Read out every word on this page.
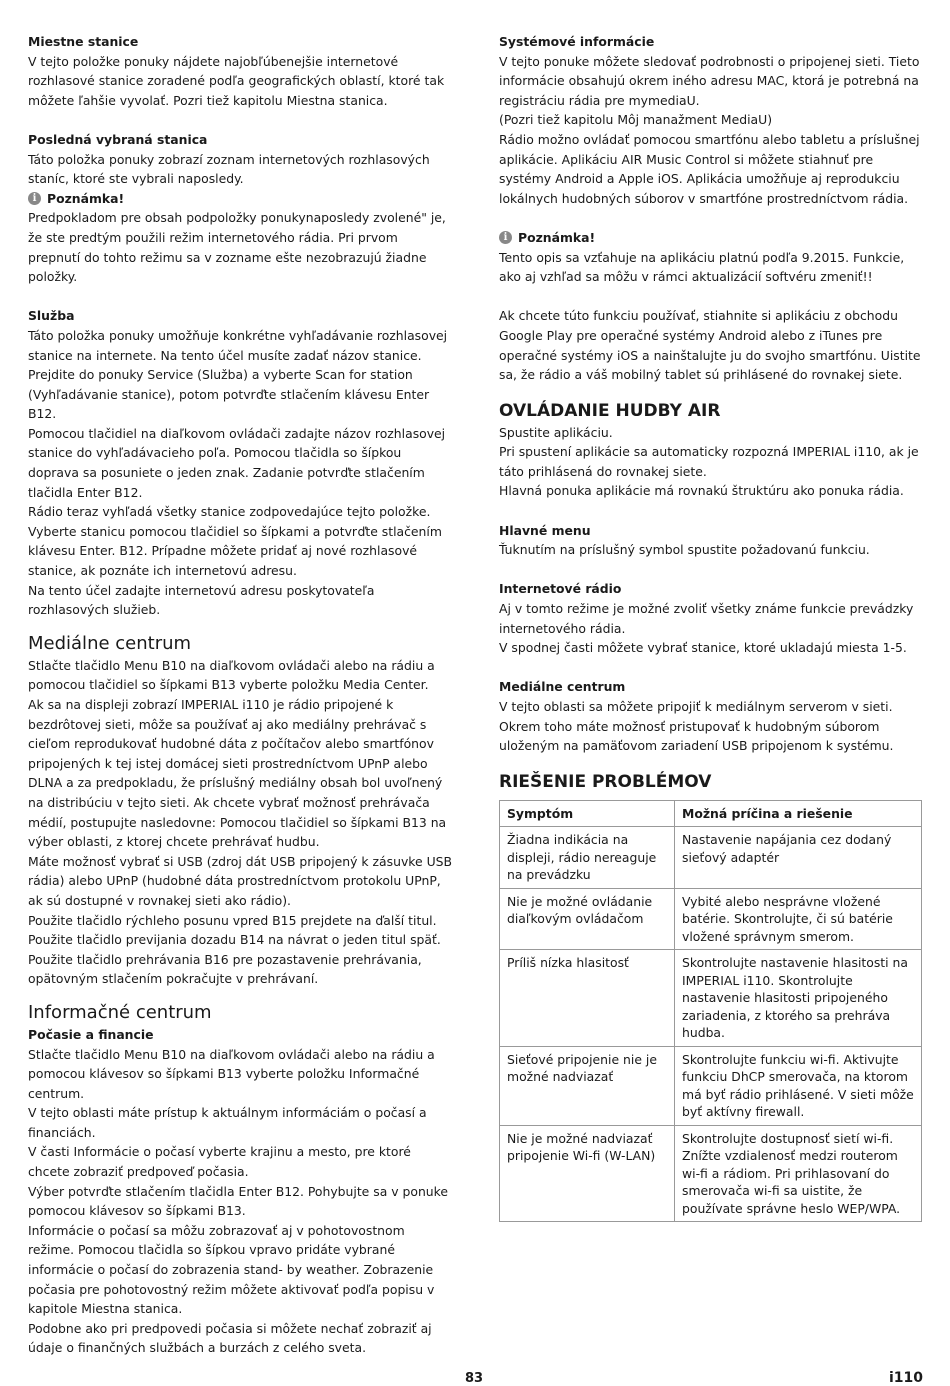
Miestne stanice

V tejto položke ponuky nájdete najobľúbenejšie internetové rozhlasové stanice zoradené podľa geografických oblastí, ktoré tak môžete ľahšie vyvolať. Pozri tiež kapitolu Miestna stanica.

Posledná vybraná stanica

Táto položka ponuky zobrazí zoznam internetových rozhlasových staníc, ktoré ste vybrali naposledy.

i Poznámka!

Predpokladom pre obsah podpoložky ponukynaposledy zvolené" je, že ste predtým použili režim internetového rádia. Pri prvom prepnutí do tohto režimu sa v zozname ešte nezobrazujú žiadne položky.

Služba

Táto položka ponuky umožňuje konkrétne vyhľadávanie rozhlasovej stanice na internete. Na tento účel musíte zadať názov stanice.

Prejdite do ponuky Service (Služba) a vyberte Scan for station (Vyhľadávanie stanice), potom potvrďte stlačením klávesu Enter B12.

Pomocou tlačidiel na diaľkovom ovládači zadajte názov rozhlasovej stanice do vyhľadávacieho poľa. Pomocou tlačidla so šípkou doprava sa posuniete o jeden znak. Zadanie potvrďte stlačením tlačidla Enter B12.

Rádio teraz vyhľadá všetky stanice zodpovedajúce tejto položke. Vyberte stanicu pomocou tlačidiel so šípkami a potvrďte stlačením klávesu Enter. B12. Prípadne môžete pridať aj nové rozhlasové stanice, ak poznáte ich internetovú adresu.

Na tento účel zadajte internetovú adresu poskytovateľa rozhlasových služieb.

Mediálne centrum

Stlačte tlačidlo Menu B10 na diaľkovom ovládači alebo na rádiu a pomocou tlačidiel so šípkami B13 vyberte položku Media Center.

Ak sa na displeji zobrazí IMPERIAL i110 je rádio pripojené k bezdrôtovej sieti, môže sa používať aj ako mediálny prehrávač s cieľom reprodukovať hudobné dáta z počítačov alebo smartfónov pripojených k tej istej domácej sieti prostredníctvom UPnP alebo DLNA a za predpokladu, že príslušný mediálny obsah bol uvoľnený na distribúciu v tejto sieti. Ak chcete vybrať možnosť prehrávača médií, postupujte nasledovne: Pomocou tlačidiel so šípkami B13 na výber oblasti, z ktorej chcete prehrávať hudbu.

Máte možnosť vybrať si USB (zdroj dát USB pripojený k zásuvke USB rádia) alebo UPnP (hudobné dáta prostredníctvom protokolu UPnP, ak sú dostupné v rovnakej sieti ako rádio).

Použite tlačidlo rýchleho posunu vpred B15 prejdete na ďalší titul.

Použite tlačidlo previjania dozadu B14 na návrat o jeden titul späť.

Použite tlačidlo prehrávania B16 pre pozastavenie prehrávania, opätovným stlačením pokračujte v prehrávaní.

Informačné centrum
Počasie a financie

Stlačte tlačidlo Menu B10 na diaľkovom ovládači alebo na rádiu a pomocou klávesov so šípkami B13 vyberte položku Informačné centrum.

V tejto oblasti máte prístup k aktuálnym informáciám o počasí a financiách.

V časti Informácie o počasí vyberte krajinu a mesto, pre ktoré chcete zobraziť predpoveď počasia.

Výber potvrďte stlačením tlačidla Enter B12. Pohybujte sa v ponuke pomocou klávesov so šípkami B13.

Informácie o počasí sa môžu zobrazovať aj v pohotovostnom režime. Pomocou tlačidla so šípkou vpravo pridáte vybrané informácie o počasí do zobrazenia stand- by weather. Zobrazenie počasia pre pohotovostný režim môžete aktivovať podľa popisu v kapitole Miestna stanica.

Podobne ako pri predpovedi počasia si môžete nechať zobraziť aj údaje o finančných službách a burzách z celého sveta.

Systémové informácie

V tejto ponuke môžete sledovať podrobnosti o pripojenej sieti. Tieto informácie obsahujú okrem iného adresu MAC, ktorá je potrebná na registráciu rádia pre mymediaU.

(Pozri tiež kapitolu Môj manažment MediaU)

Rádio možno ovládať pomocou smartfónu alebo tabletu a príslušnej aplikácie. Aplikáciu AIR Music Control si môžete stiahnuť pre systémy Android a Apple iOS. Aplikácia umožňuje aj reprodukciu lokálnych hudobných súborov v smartfóne prostredníctvom rádia.

i Poznámka!

Tento opis sa vzťahuje na aplikáciu platnú podľa 9.2015. Funkcie, ako aj vzhľad sa môžu v rámci aktualizácií softvéru zmeniť!!

Ak chcete túto funkciu používať, stiahnite si aplikáciu z obchodu Google Play pre operačné systémy Android alebo z iTunes pre operačné systémy iOS a nainštalujte ju do svojho smartfónu. Uistite sa, že rádio a váš mobilný tablet sú prihlásené do rovnakej siete.

OVLÁDANIE HUDBY AIR

Spustite aplikáciu.

Pri spustení aplikácie sa automaticky rozpozná IMPERIAL i110, ak je táto prihlásená do rovnakej siete.

Hlavná ponuka aplikácie má rovnakú štruktúru ako ponuka rádia.

Hlavné menu

Ťuknutím na príslušný symbol spustite požadovanú funkciu.

Internetové rádio

Aj v tomto režime je možné zvoliť všetky známe funkcie prevádzky internetového rádia.

V spodnej časti môžete vybrať stanice, ktoré ukladajú miesta 1-5.

Mediálne centrum

V tejto oblasti sa môžete pripojiť k mediálnym serverom v sieti.

Okrem toho máte možnosť pristupovať k hudobným súborom uloženým na pamäťovom zariadení USB pripojenom k systému.

RIEŠENIE PROBLÉMOV
Symptóm	Možná príčina a riešenie
Žiadna indikácia na displeji, rádio nereaguje na prevádzku	Nastavenie napájania cez dodaný sieťový adaptér
Nie je možné ovládanie diaľkovým ovládačom	Vybité alebo nesprávne vložené batérie. Skontrolujte, či sú batérie vložené správnym smerom.
Príliš nízka hlasitosť	Skontrolujte nastavenie hlasitosti na IMPERIAL i110. Skontrolujte nastavenie hlasitosti pripojeného zariadenia, z ktorého sa prehráva hudba.
Sieťové pripojenie nie je možné nadviazať	Skontrolujte funkciu wi-fi. Aktivujte funkciu DhCP smerovača, na ktorom má byť rádio prihlásené. V sieti môže byť aktívny firewall.
Nie je možné nadviazať pripojenie Wi-fi (W-LAN)	Skontrolujte dostupnosť sietí wi-fi. Znížte vzdialenosť medzi routerom wi-fi a rádiom. Pri prihlasovaní do smerovača wi-fi sa uistite, že používate správne heslo WEP/WPA.
83	i110
